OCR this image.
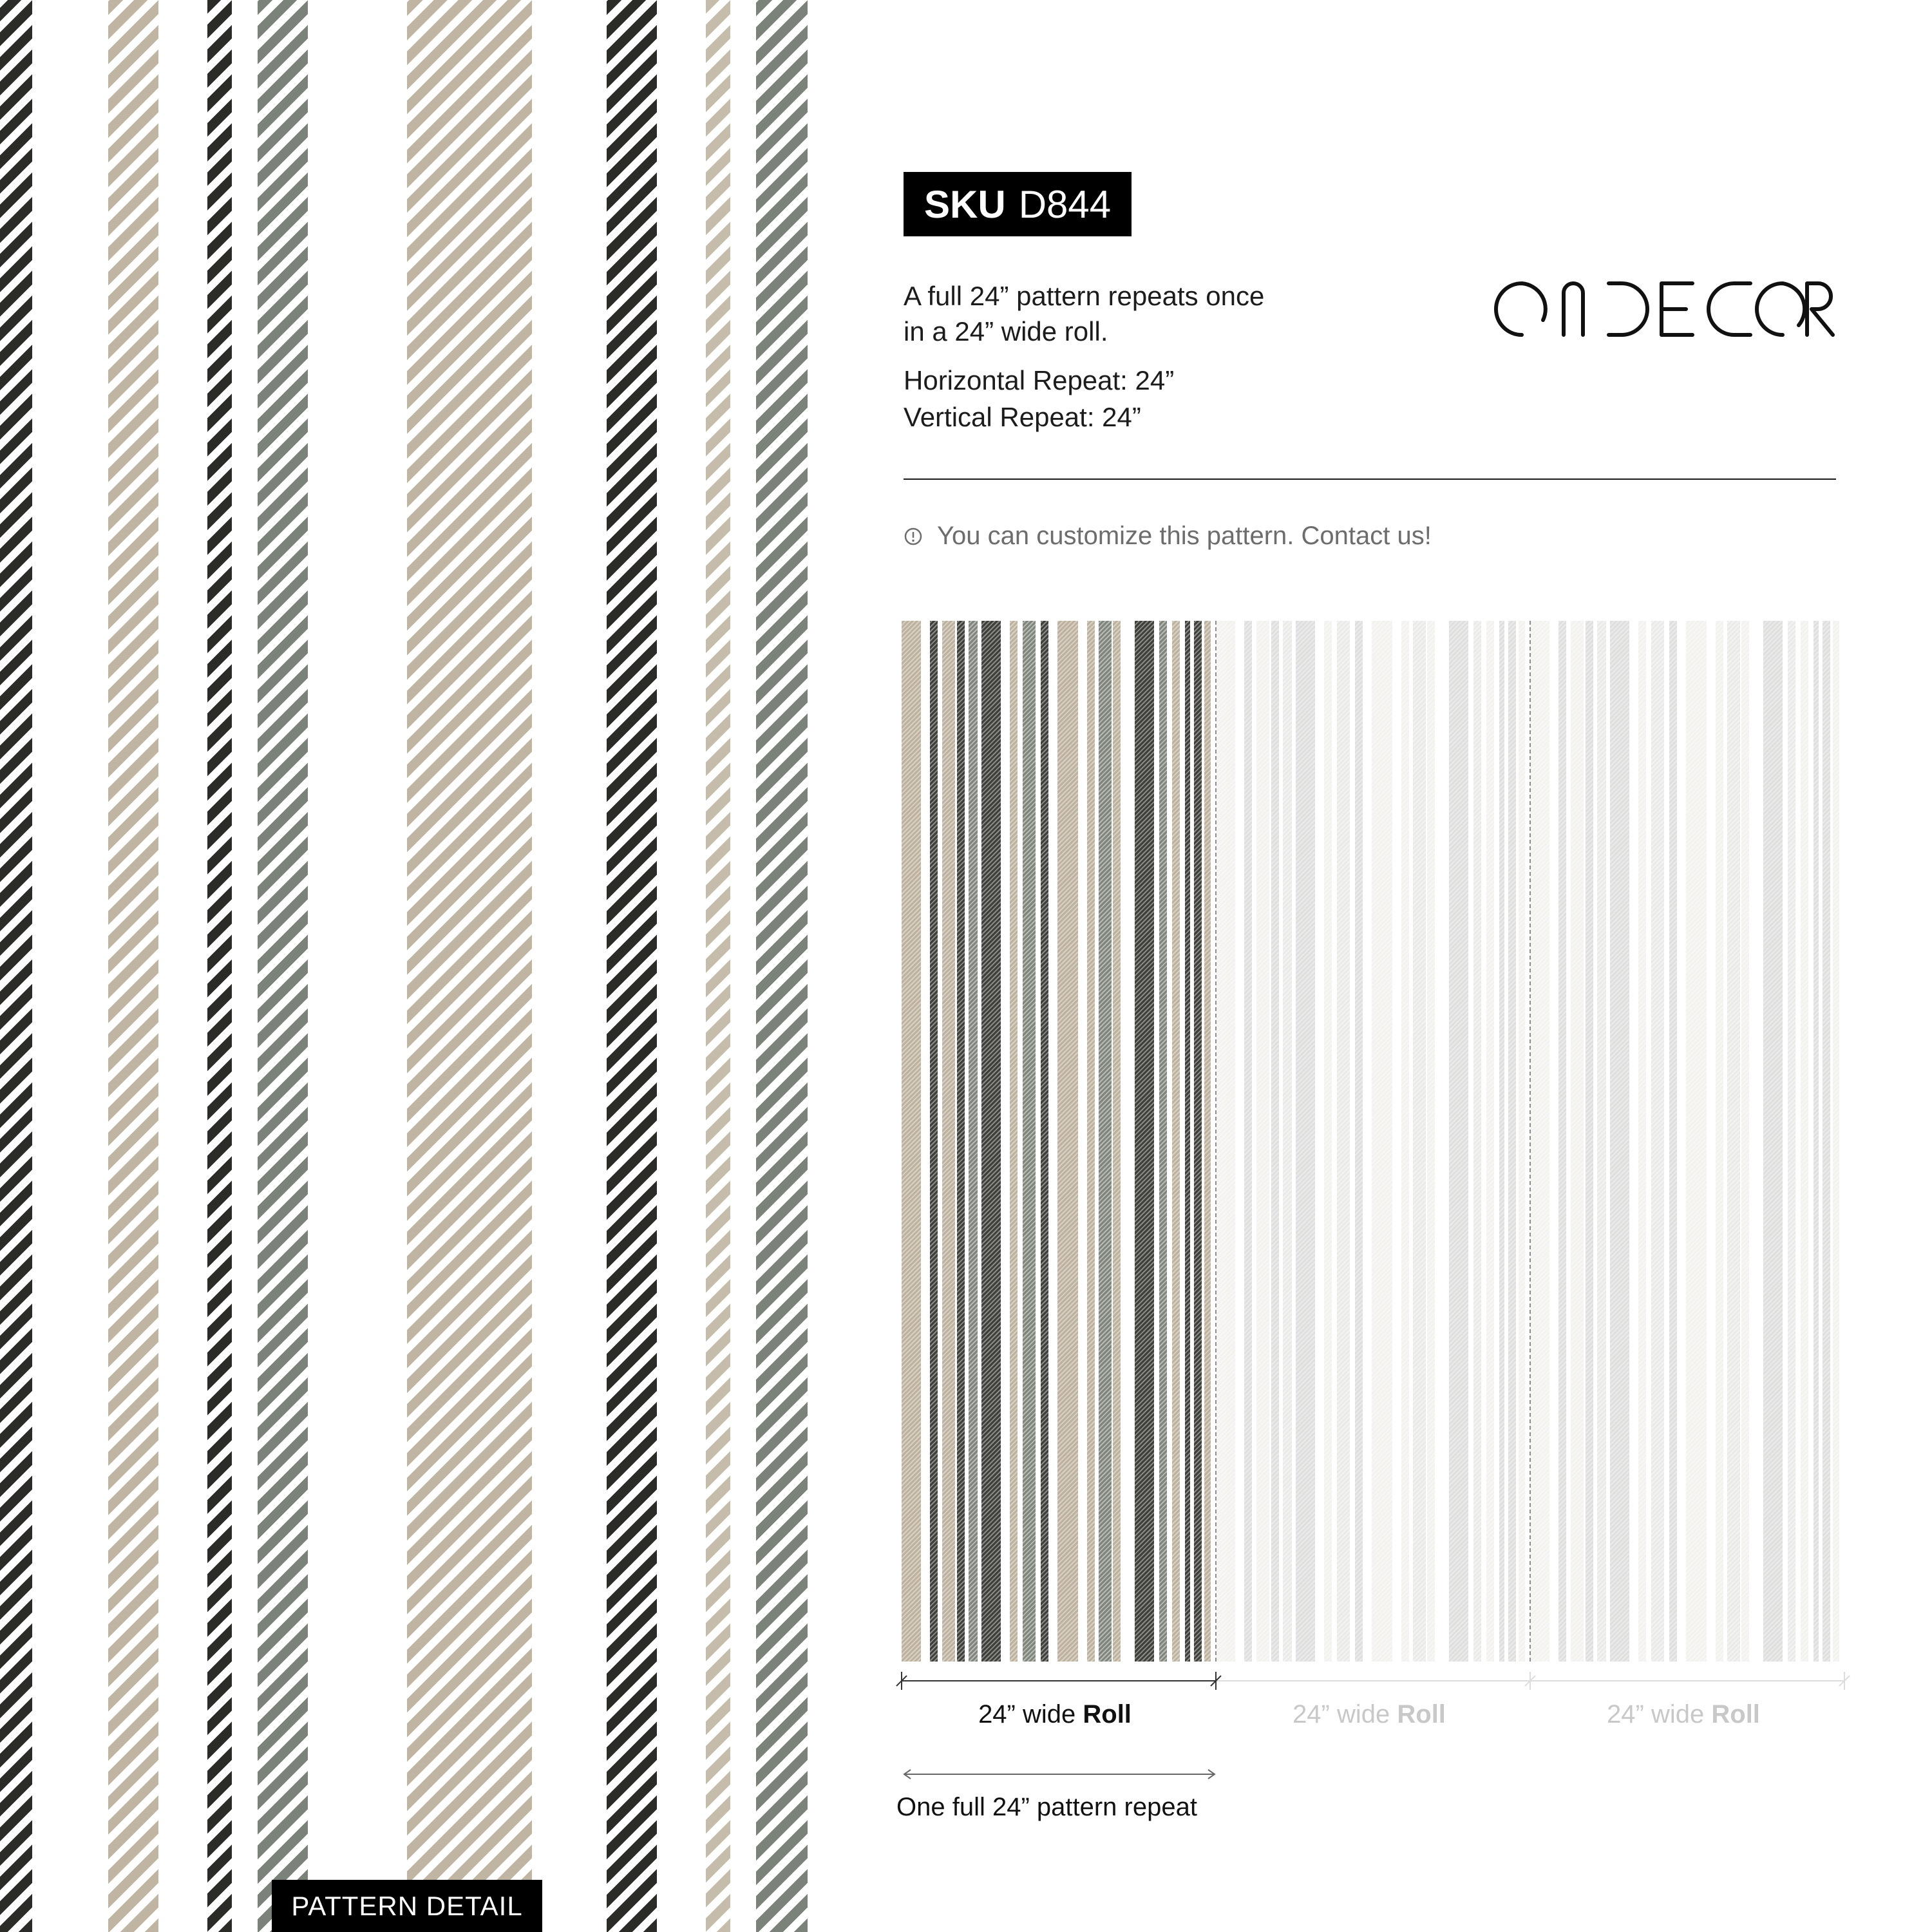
PATTERN DETAIL
SKU D844
A full 24” pattern repeats once
in a 24” wide roll.
Horizontal Repeat: 24”
Vertical Repeat: 24”
You can customize this pattern. Contact us!
24” wide Roll	24” wide Roll	24” wide Roll
One full 24” pattern repeat
